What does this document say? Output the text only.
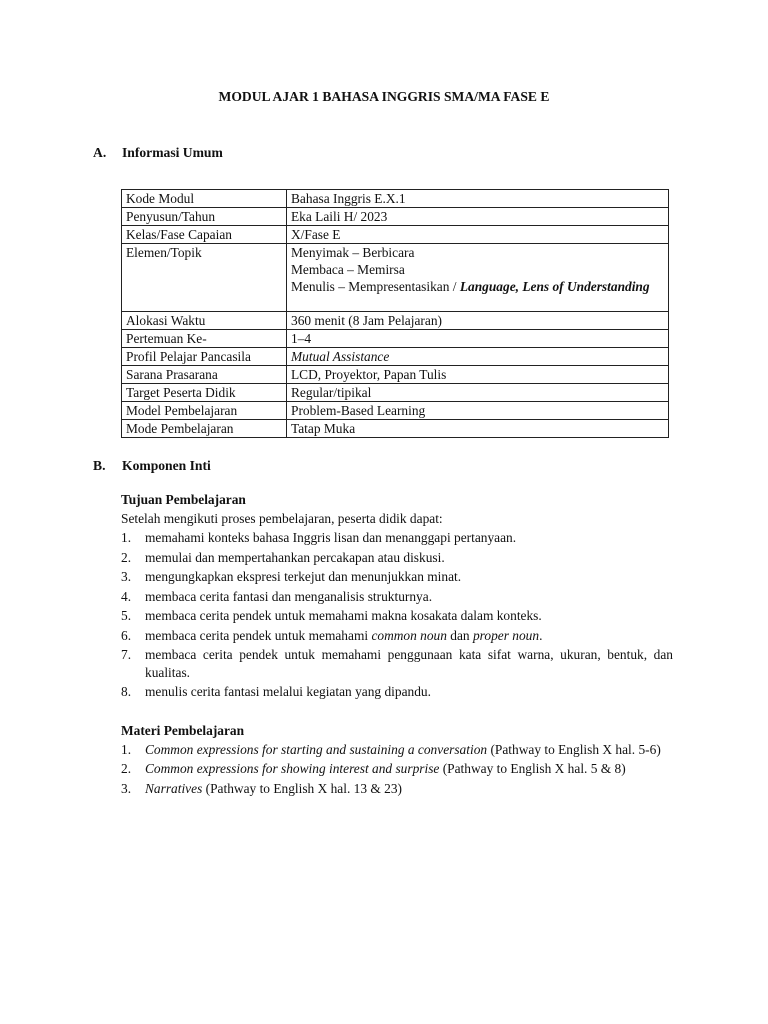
MODUL AJAR 1 BAHASA INGGRIS SMA/MA FASE E
A. Informasi Umum
Kode Modul	Bahasa Inggris E.X.1
Penyusun/Tahun	Eka Laili H/ 2023
Kelas/Fase Capaian	X/Fase E
Elemen/Topik	Menyimak – Berbicara
Membaca – Memirsa
Menulis – Mempresentasikan / Language, Lens of Understanding

Alokasi Waktu	360 menit (8 Jam Pelajaran)
Pertemuan Ke-	1–4
Profil Pelajar Pancasila	Mutual Assistance
Sarana Prasarana	LCD, Proyektor, Papan Tulis
Target Peserta Didik	Regular/tipikal
Model Pembelajaran	Problem-Based Learning
Mode Pembelajaran	Tatap Muka
B. Komponen Inti
Tujuan Pembelajaran
Setelah mengikuti proses pembelajaran, peserta didik dapat:
1. memahami konteks bahasa Inggris lisan dan menanggapi pertanyaan.
2. memulai dan mempertahankan percakapan atau diskusi.
3. mengungkapkan ekspresi terkejut dan menunjukkan minat.
4. membaca cerita fantasi dan menganalisis strukturnya.
5. membaca cerita pendek untuk memahami makna kosakata dalam konteks.
6. membaca cerita pendek untuk memahami common noun dan proper noun.
7. membaca cerita pendek untuk memahami penggunaan kata sifat warna, ukuran, bentuk, dan kualitas.
8. menulis cerita fantasi melalui kegiatan yang dipandu.
Materi Pembelajaran
1. Common expressions for starting and sustaining a conversation (Pathway to English X hal. 5-6)
2. Common expressions for showing interest and surprise (Pathway to English X hal. 5 & 8)
3. Narratives (Pathway to English X hal. 13 & 23)
